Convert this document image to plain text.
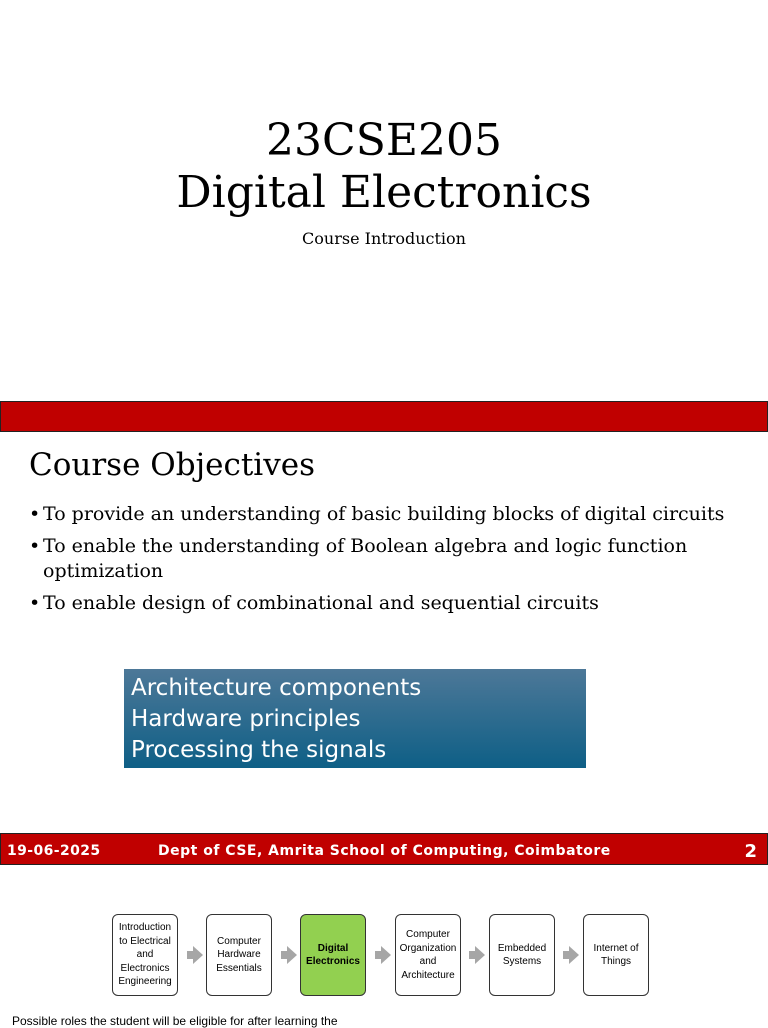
23CSE205
Digital Electronics
Course Introduction
Course Objectives
• To provide an understanding of basic building blocks of digital circuits
• To enable the understanding of Boolean algebra and logic function optimization
• To enable design of combinational and sequential circuits
Architecture components
Hardware principles
Processing the signals
19-06-2025	Dept of CSE, Amrita School of Computing, Coimbatore	2
Introduction to Electrical and Electronics Engineering
Computer Hardware Essentials
Digital Electronics
Computer Organization and Architecture
Embedded Systems
Internet of Things
Possible roles the student will be eligible for after learning the
